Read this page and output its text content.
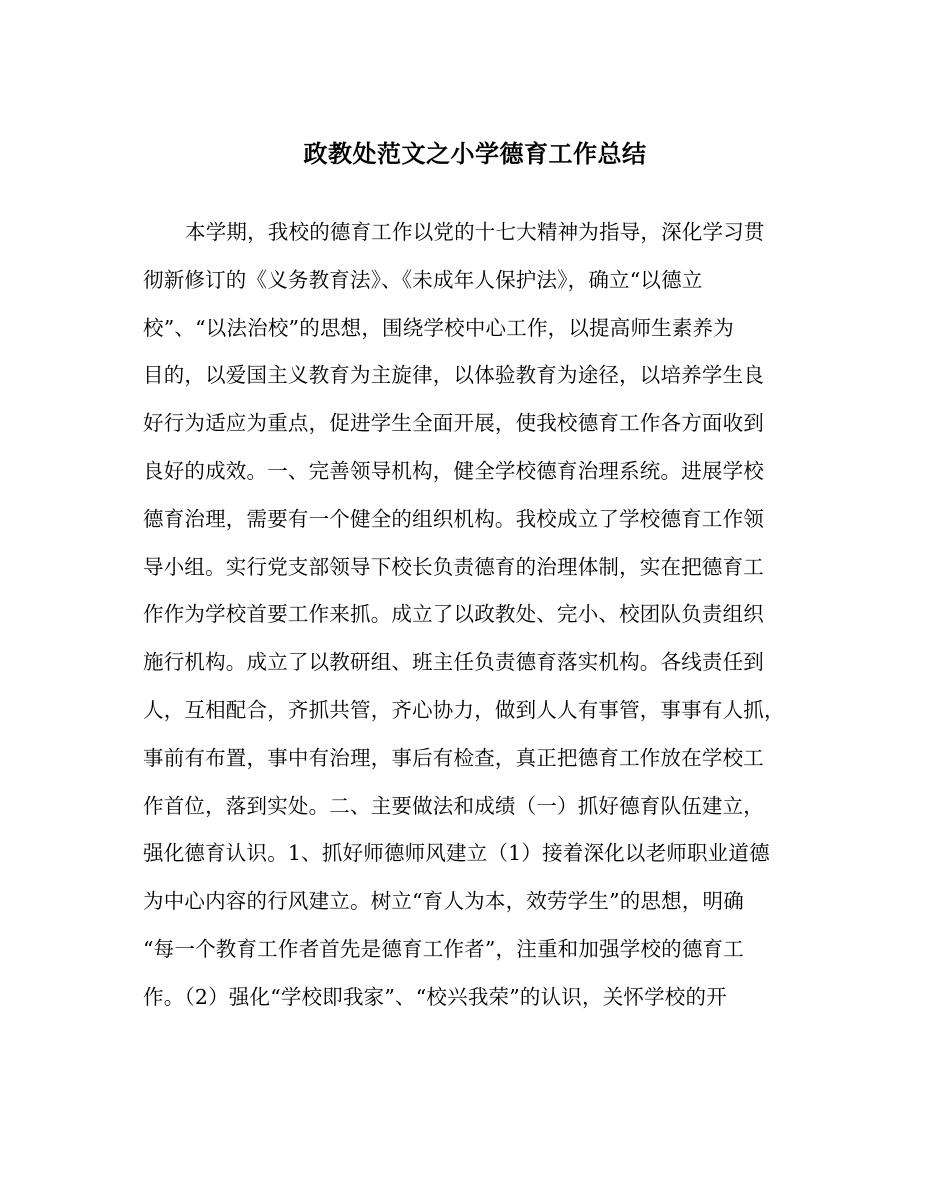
政教处范文之小学德育工作总结
本学期，我校的德育工作以党的十七大精神为指导，深化学习贯
彻新修订的《义务教育法》、《未成年人保护法》，确立“以德立
校”、“以法治校”的思想，围绕学校中心工作，以提高师生素养为
目的，以爱国主义教育为主旋律，以体验教育为途径，以培养学生良
好行为适应为重点，促进学生全面开展，使我校德育工作各方面收到
良好的成效。一、完善领导机构，健全学校德育治理系统。进展学校
德育治理，需要有一个健全的组织机构。我校成立了学校德育工作领
导小组。实行党支部领导下校长负责德育的治理体制，实在把德育工
作作为学校首要工作来抓。成立了以政教处、完小、校团队负责组织
施行机构。成立了以教研组、班主任负责德育落实机构。各线责任到
人，互相配合，齐抓共管，齐心协力，做到人人有事管，事事有人抓，
事前有布置，事中有治理，事后有检查，真正把德育工作放在学校工
作首位，落到实处。二、主要做法和成绩（一）抓好德育队伍建立，
强化德育认识。1、抓好师德师风建立（1）接着深化以老师职业道德
为中心内容的行风建立。树立“育人为本，效劳学生”的思想，明确
“每一个教育工作者首先是德育工作者”，注重和加强学校的德育工
作。（2）强化“学校即我家”、“校兴我荣”的认识，关怀学校的开
